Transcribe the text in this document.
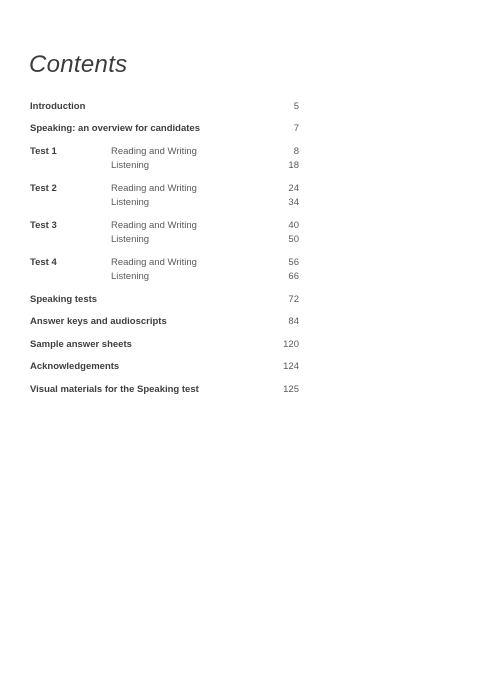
Contents
Introduction	5
Speaking: an overview for candidates	7
Test 1	Reading and Writing	8
Listening	18
Test 2	Reading and Writing	24
Listening	34
Test 3	Reading and Writing	40
Listening	50
Test 4	Reading and Writing	56
Listening	66
Speaking tests	72
Answer keys and audioscripts	84
Sample answer sheets	120
Acknowledgements	124
Visual materials for the Speaking test	125
